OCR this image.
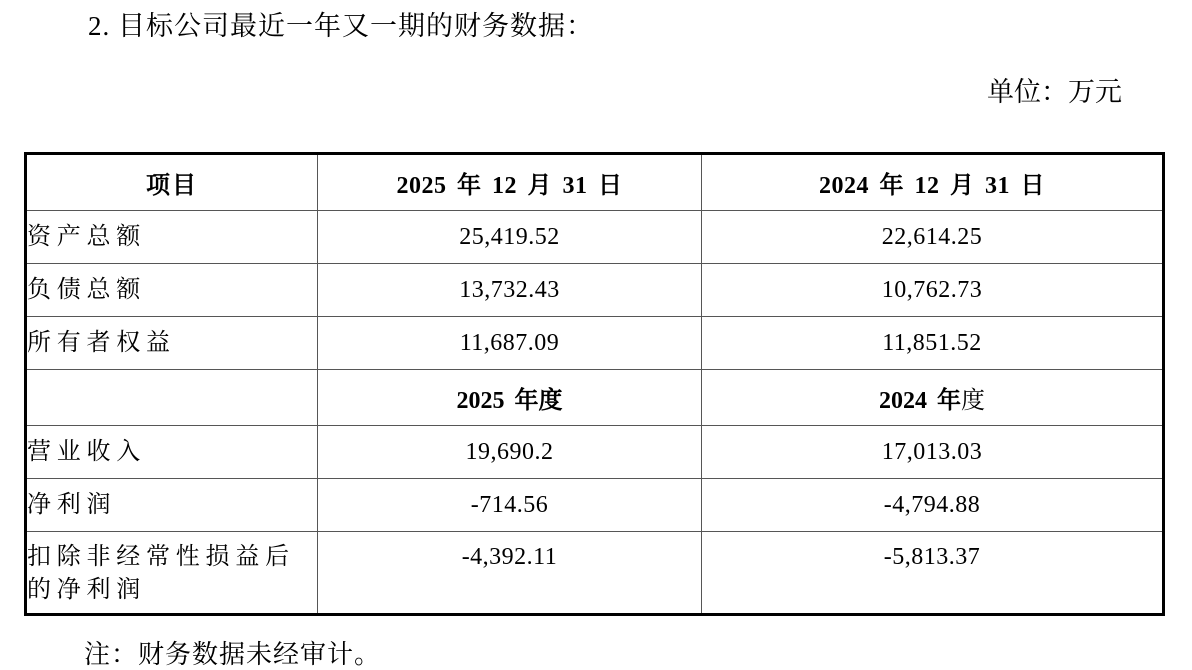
2. 目标公司最近一年又一期的财务数据：
单位：万元
项目	2025 年 12 月 31 日	2024 年 12 月 31 日
资产总额	25,419.52	22,614.25
负债总额	13,732.43	10,762.73
所有者权益	11,687.09	11,851.52
	2025 年度	2024 年度
营业收入	19,690.2	17,013.03
净利润	-714.56	-4,794.88
扣除非经常性损益后的净利润	-4,392.11	-5,813.37
注：财务数据未经审计。
